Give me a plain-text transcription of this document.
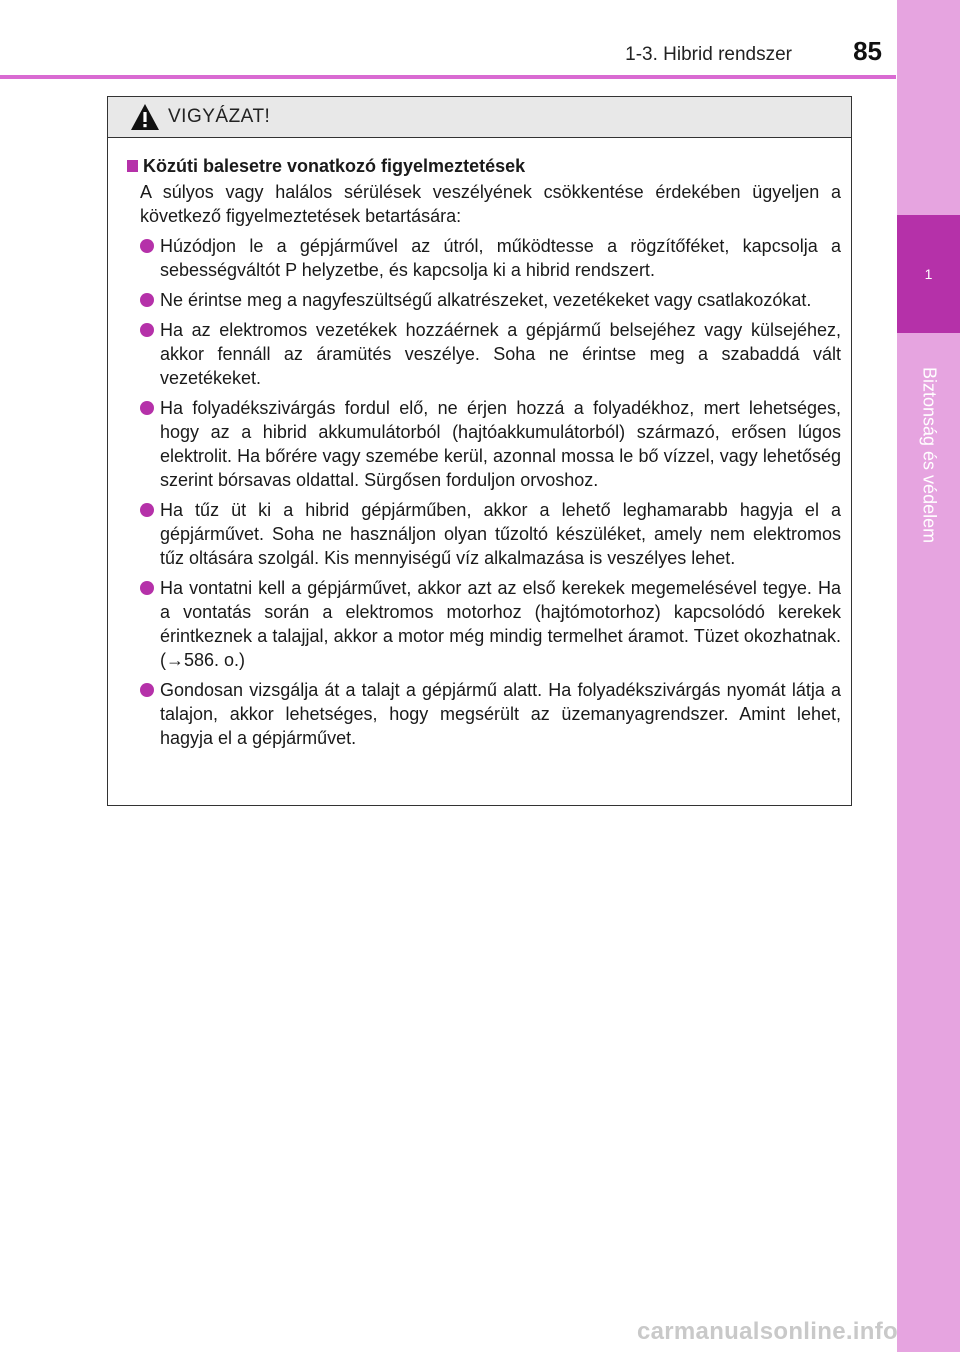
1-3. Hibrid rendszer	85
1
Biztonság és védelem
VIGYÁZAT!
Közúti balesetre vonatkozó figyelmeztetések
A súlyos vagy halálos sérülések veszélyének csökkentése érdekében ügyeljen a következő figyelmeztetések betartására:
Húzódjon le a gépjárművel az útról, működtesse a rögzítőféket, kapcsolja a sebességváltót P helyzetbe, és kapcsolja ki a hibrid rendszert.
Ne érintse meg a nagyfeszültségű alkatrészeket, vezetékeket vagy csatlakozókat.
Ha az elektromos vezetékek hozzáérnek a gépjármű belsejéhez vagy külsejéhez, akkor fennáll az áramütés veszélye. Soha ne érintse meg a szabaddá vált vezetékeket.
Ha folyadékszivárgás fordul elő, ne érjen hozzá a folyadékhoz, mert lehetséges, hogy az a hibrid akkumulátorból (hajtóakkumulátorból) származó, erősen lúgos elektrolit. Ha bőrére vagy szemébe kerül, azonnal mossa le bő vízzel, vagy lehetőség szerint bórsavas oldattal. Sürgősen forduljon orvoshoz.
Ha tűz üt ki a hibrid gépjárműben, akkor a lehető leghamarabb hagyja el a gépjárművet. Soha ne használjon olyan tűzoltó készüléket, amely nem elektromos tűz oltására szolgál. Kis mennyiségű víz alkalmazása is veszélyes lehet.
Ha vontatni kell a gépjárművet, akkor azt az első kerekek megemelésével tegye. Ha a vontatás során a elektromos motorhoz (hajtómotorhoz) kapcsolódó kerekek érintkeznek a talajjal, akkor a motor még mindig termelhet áramot. Tüzet okozhatnak. (→586. o.)
Gondosan vizsgálja át a talajt a gépjármű alatt. Ha folyadékszivárgás nyomát látja a talajon, akkor lehetséges, hogy megsérült az üzemanyagrendszer. Amint lehet, hagyja el a gépjárművet.
carmanualsonline.info
